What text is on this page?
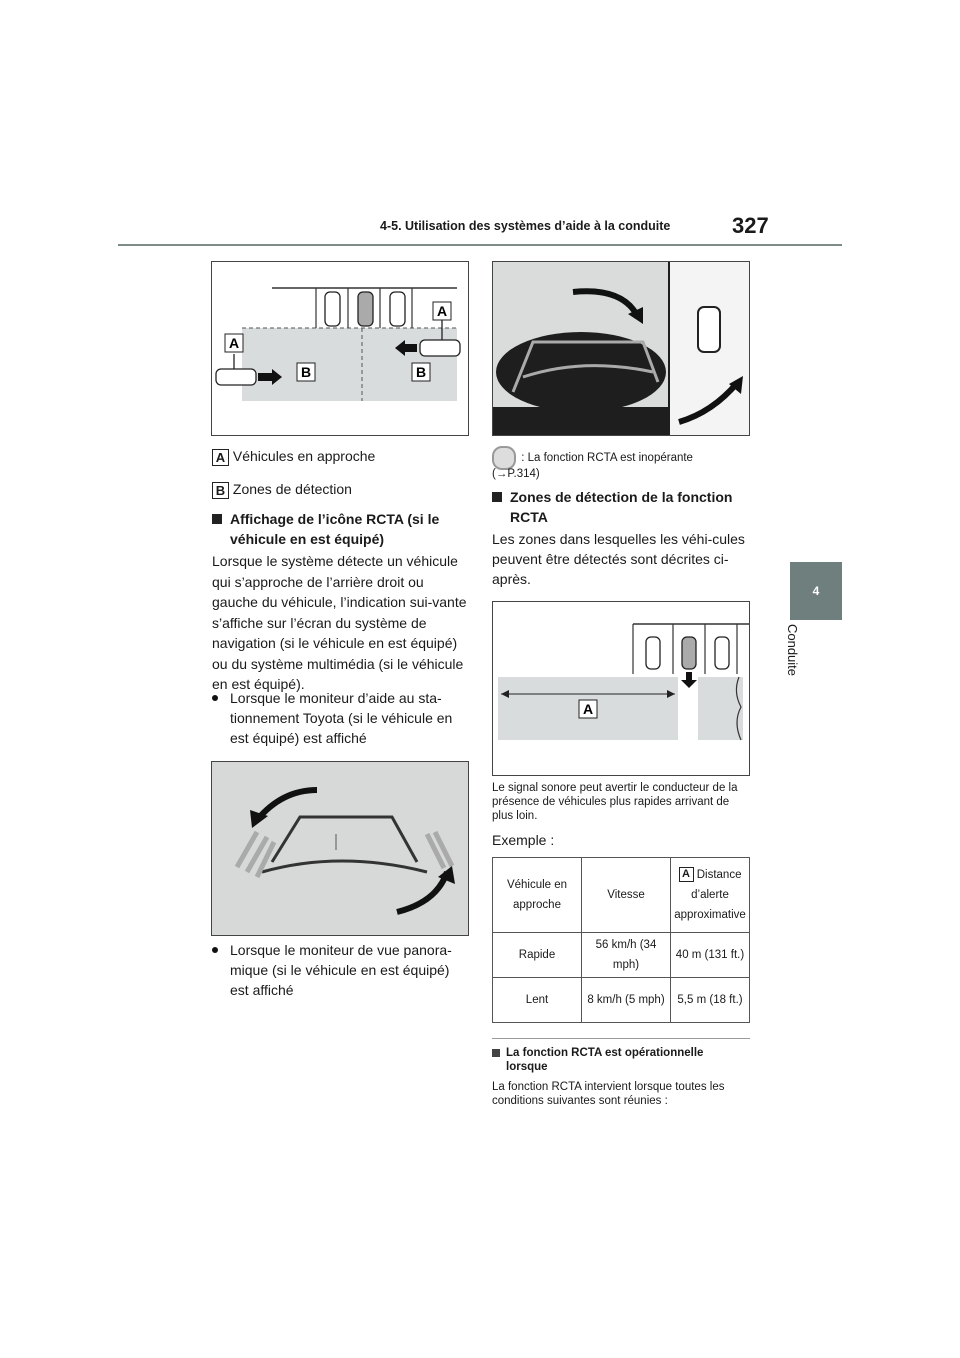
4-5. Utilisation des systèmes d’aide à la conduite	327
4
Conduite
A
A
B	B
A Véhicules en approche
B Zones de détection
Affichage de l’icône RCTA (si le véhicule en est équipé)
Lorsque le système détecte un véhicule qui s’approche de l’arrière droit ou gauche du véhicule, l’indication sui-vante s’affiche sur l’écran du système de navigation (si le véhicule en est équipé) ou du système multimédia (si le véhicule en est équipé).
Lorsque le moniteur d’aide au sta-tionnement Toyota (si le véhicule en est équipé) est affiché
Lorsque le moniteur de vue panora-mique (si le véhicule en est équipé) est affiché
: La fonction RCTA est inopérante
(→P.314)
Zones de détection de la fonction RCTA
Les zones dans lesquelles les véhi-cules peuvent être détectés sont décrites ci-après.
A
Le signal sonore peut avertir le conducteur de la présence de véhicules plus rapides arrivant de plus loin.
Exemple :
Véhicule en approche	Vitesse	A Distance d’alerte approximative
Rapide	56 km/h (34 mph)	40 m (131 ft.)
Lent	8 km/h (5 mph)	5,5 m (18 ft.)
La fonction RCTA est opérationnelle lorsque
La fonction RCTA intervient lorsque toutes les conditions suivantes sont réunies :
